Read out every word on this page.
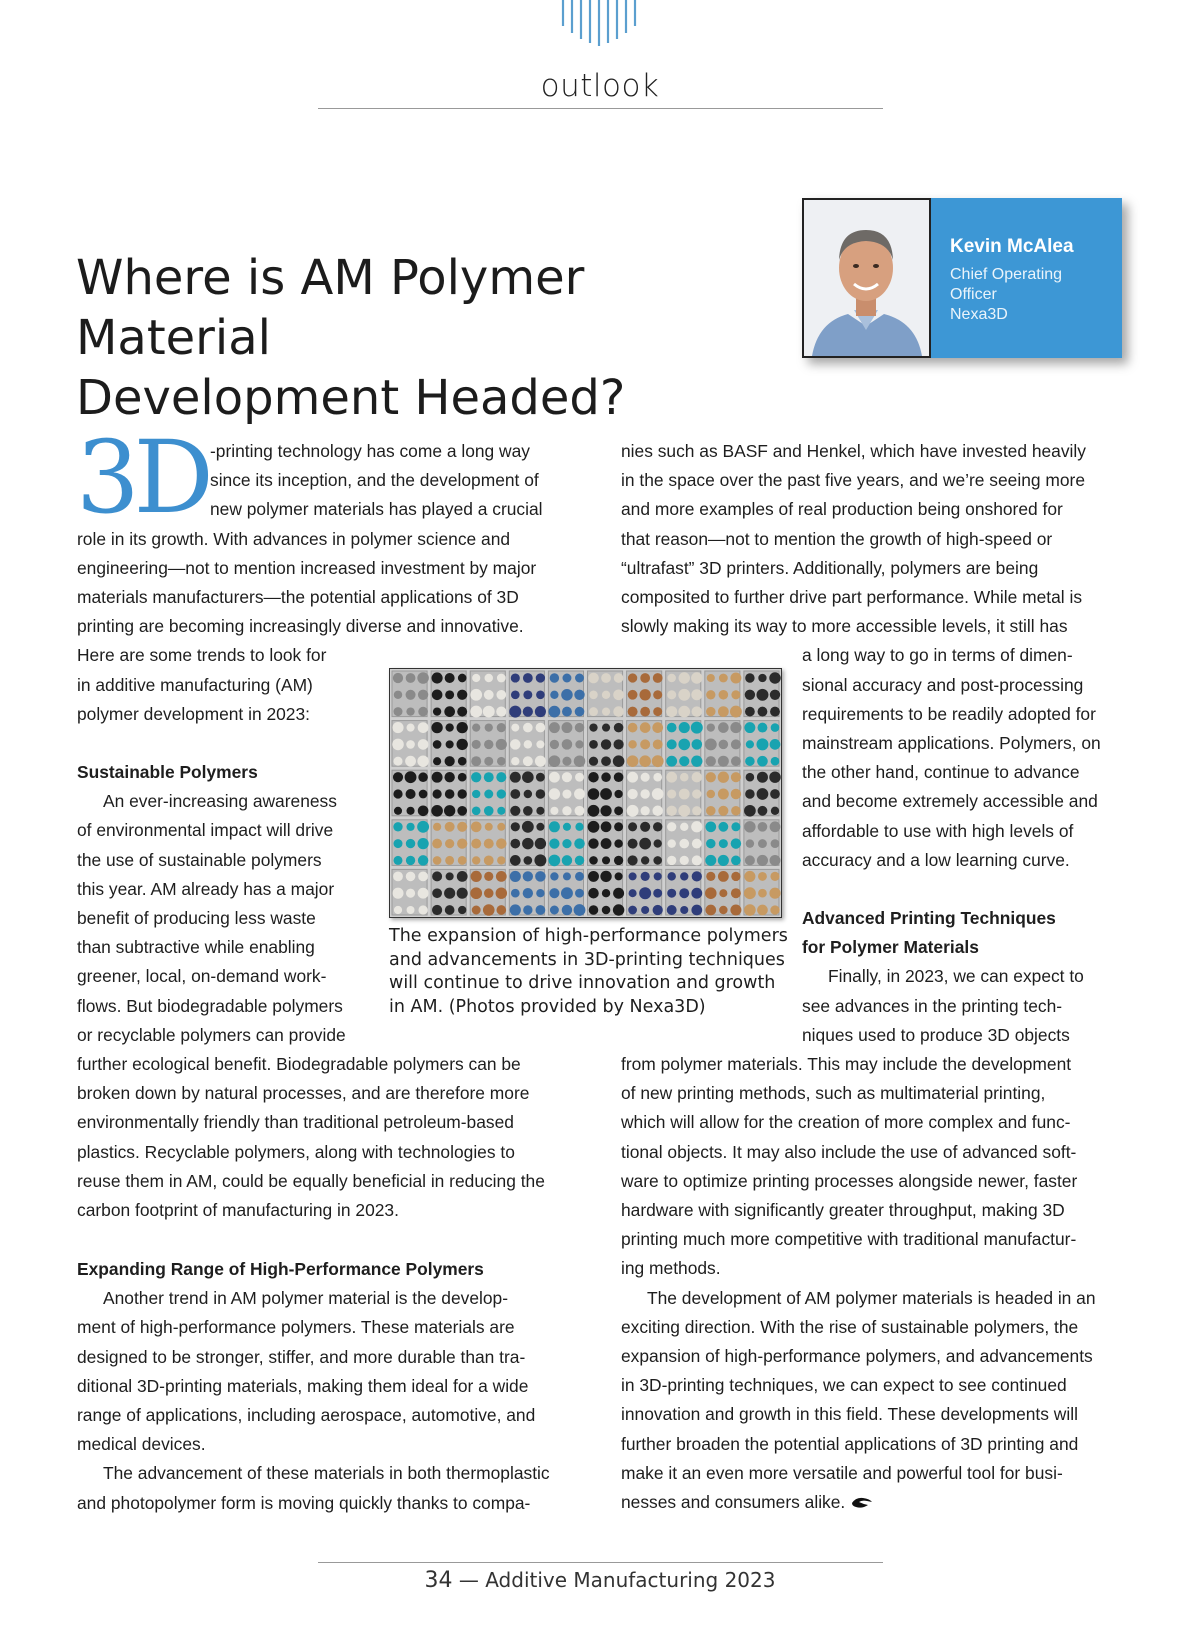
outlook
Where is AM Polymer Material
Development Headed?
Kevin McAlea
Chief Operating
Officer
Nexa3D
3D -printing technology has come a long way

since its inception, and the development of

new polymer materials has played a crucial

role in its growth. With advances in polymer science and

engineering—not to mention increased investment by major

materials manufacturers—the potential applications of 3D

printing are becoming increasingly diverse and innovative.

Here are some trends to look for

in additive manufacturing (AM)

polymer development in 2023:

Sustainable Polymers

An ever-increasing awareness

of environmental impact will drive

the use of sustainable polymers

this year. AM already has a major

benefit of producing less waste

than subtractive while enabling

greener, local, on-demand work-

flows. But biodegradable polymers

or recyclable polymers can provide

further ecological benefit. Biodegradable polymers can be

broken down by natural processes, and are therefore more

environmentally friendly than traditional petroleum-based

plastics. Recyclable polymers, along with technologies to

reuse them in AM, could be equally beneficial in reducing the

carbon footprint of manufacturing in 2023.

Expanding Range of High-Performance Polymers

Another trend in AM polymer material is the develop-

ment of high-performance polymers. These materials are

designed to be stronger, stiffer, and more durable than tra-

ditional 3D-printing materials, making them ideal for a wide

range of applications, including aerospace, automotive, and

medical devices.

The advancement of these materials in both thermoplastic

and photopolymer form is moving quickly thanks to compa-

nies such as BASF and Henkel, which have invested heavily

in the space over the past five years, and we’re seeing more

and more examples of real production being onshored for

that reason—not to mention the growth of high-speed or

“ultrafast” 3D printers. Additionally, polymers are being

composited to further drive part performance. While metal is

slowly making its way to more accessible levels, it still has

a long way to go in terms of dimen-

sional accuracy and post-processing

requirements to be readily adopted for

mainstream applications. Polymers, on

the other hand, continue to advance

and become extremely accessible and

affordable to use with high levels of

accuracy and a low learning curve.

Advanced Printing Techniques

for Polymer Materials

Finally, in 2023, we can expect to

see advances in the printing tech-

niques used to produce 3D objects

from polymer materials. This may include the development

of new printing methods, such as multimaterial printing,

which will allow for the creation of more complex and func-

tional objects. It may also include the use of advanced soft-

ware to optimize printing processes alongside newer, faster

hardware with significantly greater throughput, making 3D

printing much more competitive with traditional manufactur-

ing methods.

The development of AM polymer materials is headed in an

exciting direction. With the rise of sustainable polymers, the

expansion of high-performance polymers, and advancements

in 3D-printing techniques, we can expect to see continued

innovation and growth in this field. These developments will

further broaden the potential applications of 3D printing and

make it an even more versatile and powerful tool for busi-

nesses and consumers alike.

The expansion of high-performance polymers
and advancements in 3D-printing techniques
will continue to drive innovation and growth
in AM. (Photos provided by Nexa3D)
34 — Additive Manufacturing 2023
